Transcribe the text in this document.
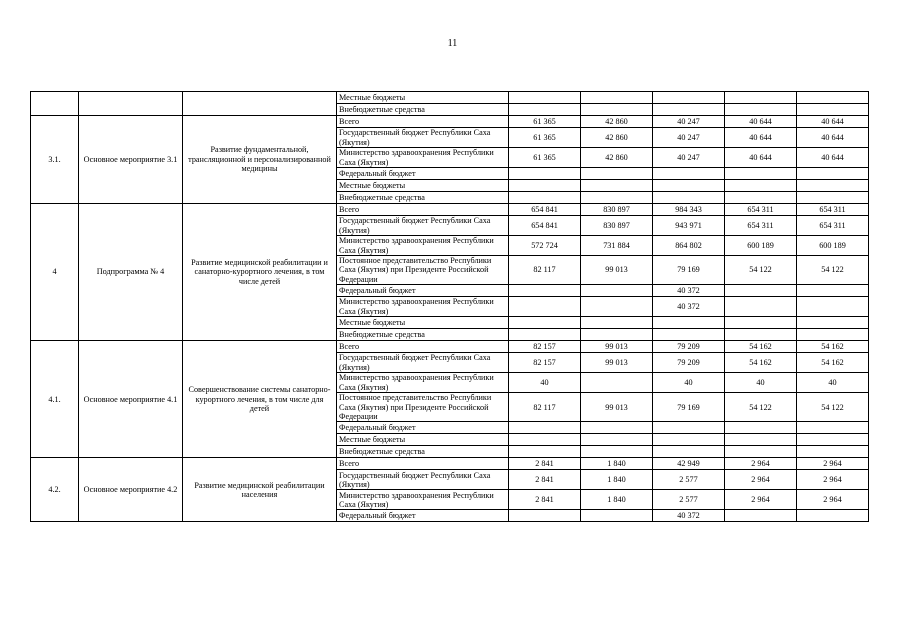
11
			Местные бюджеты					
			Внебюджетные средства					
3.1.	Основное мероприятие 3.1	Развитие фундаментальной, трансляционной и персонализированной медицины	Всего	61 365	42 860	40 247	40 644	40 644
			Государственный бюджет Республики Саха (Якутия)	61 365	42 860	40 247	40 644	40 644
			Министерство здравоохранения Республики Саха (Якутия)	61 365	42 860	40 247	40 644	40 644
			Федеральный бюджет					
			Местные бюджеты					
			Внебюджетные средства					
4	Подпрограмма № 4	Развитие медицинской реабилитации и санаторно-курортного лечения, в том числе детей	Всего	654 841	830 897	984 343	654 311	654 311
			Государственный бюджет Республики Саха (Якутия)	654 841	830 897	943 971	654 311	654 311
			Министерство здравоохранения Республики Саха (Якутия)	572 724	731 884	864 802	600 189	600 189
			Постоянное представительство Республики Саха (Якутия) при Президенте Российской Федерации	82 117	99 013	79 169	54 122	54 122
			Федеральный бюджет			40 372		
			Министерство здравоохранения Республики Саха (Якутия)			40 372		
			Местные бюджеты					
			Внебюджетные средства					
4.1.	Основное мероприятие 4.1	Совершенствование системы санаторно-курортного лечения, в том числе для детей	Всего	82 157	99 013	79 209	54 162	54 162
			Государственный бюджет Республики Саха (Якутия)	82 157	99 013	79 209	54 162	54 162
			Министерство здравоохранения Республики Саха (Якутия)	40		40	40	40
			Постоянное представительство Республики Саха (Якутия) при Президенте Российской Федерации	82 117	99 013	79 169	54 122	54 122
			Федеральный бюджет					
			Местные бюджеты					
			Внебюджетные средства					
4.2.	Основное мероприятие 4.2	Развитие медицинской реабилитации населения	Всего	2 841	1 840	42 949	2 964	2 964
			Государственный бюджет Республики Саха (Якутия)	2 841	1 840	2 577	2 964	2 964
			Министерство здравоохранения Республики Саха (Якутия)	2 841	1 840	2 577	2 964	2 964
			Федеральный бюджет			40 372		
